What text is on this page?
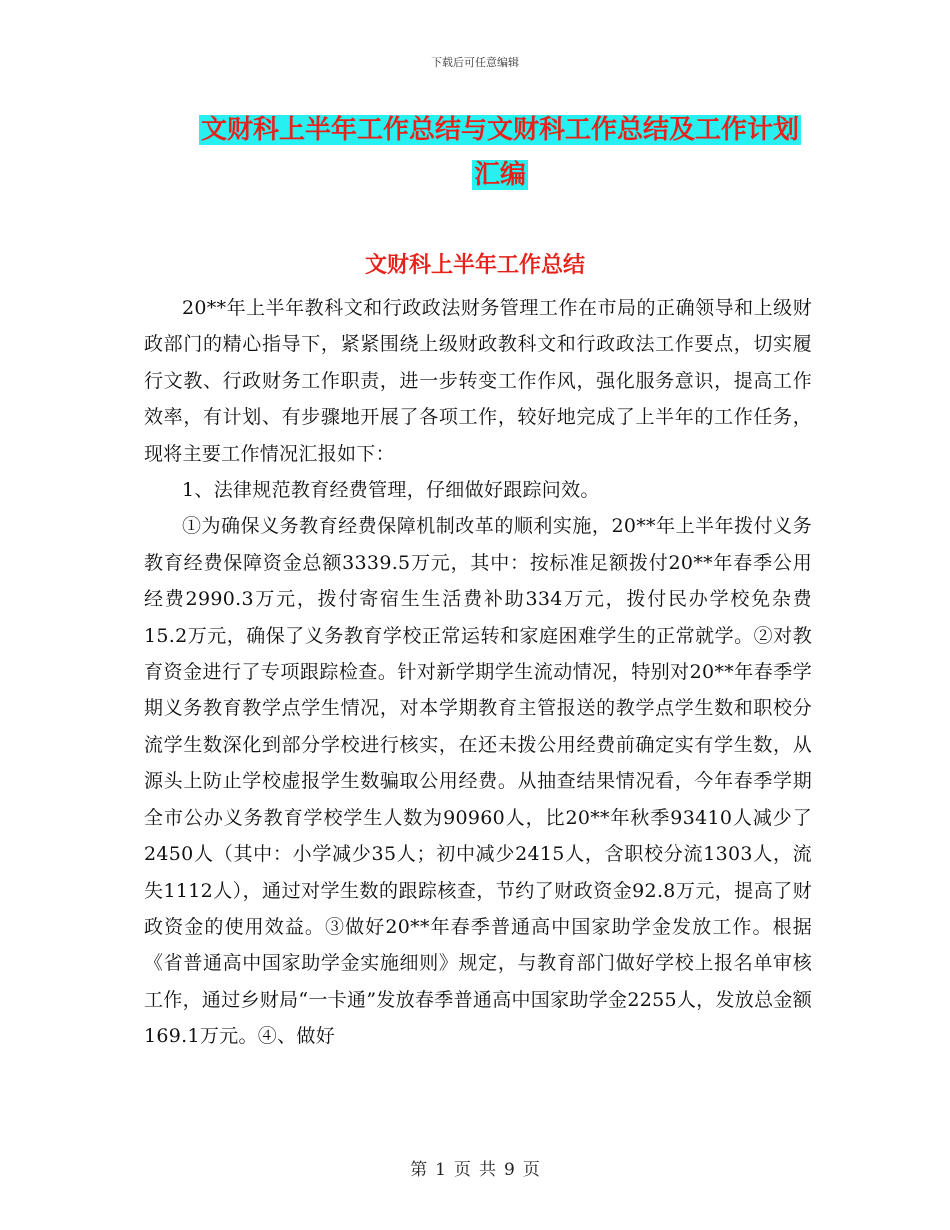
下载后可任意编辑
文财科上半年工作总结与文财科工作总结及工作计划
汇编
文财科上半年工作总结

20**年上半年教科文和行政政法财务管理工作在市局的正确领导和上级财政部门的精心指导下，紧紧围绕上级财政教科文和行政政法工作要点，切实履行文教、行政财务工作职责，进一步转变工作作风，强化服务意识，提高工作效率，有计划、有步骤地开展了各项工作，较好地完成了上半年的工作任务，现将主要工作情况汇报如下：

1、法律规范教育经费管理，仔细做好跟踪问效。

①为确保义务教育经费保障机制改革的顺利实施，20**年上半年拨付义务教育经费保障资金总额3339.5万元，其中：按标准足额拨付20**年春季公用经费2990.3万元，拨付寄宿生生活费补助334万元，拨付民办学校免杂费15.2万元，确保了义务教育学校正常运转和家庭困难学生的正常就学。②对教育资金进行了专项跟踪检查。针对新学期学生流动情况，特别对20**年春季学期义务教育教学点学生情况，对本学期教育主管报送的教学点学生数和职校分流学生数深化到部分学校进行核实，在还未拨公用经费前确定实有学生数，从源头上防止学校虚报学生数骗取公用经费。从抽查结果情况看，今年春季学期全市公办义务教育学校学生人数为90960人，比20**年秋季93410人减少了2450人（其中：小学减少35人；初中减少2415人，含职校分流1303人，流失1112人），通过对学生数的跟踪核查，节约了财政资金92.8万元，提高了财政资金的使用效益。③做好20**年春季普通高中国家助学金发放工作。根据《省普通高中国家助学金实施细则》规定，与教育部门做好学校上报名单审核工作，通过乡财局“一卡通”发放春季普通高中国家助学金2255人，发放总金额169.1万元。④、做好

第 1 页 共 9 页
